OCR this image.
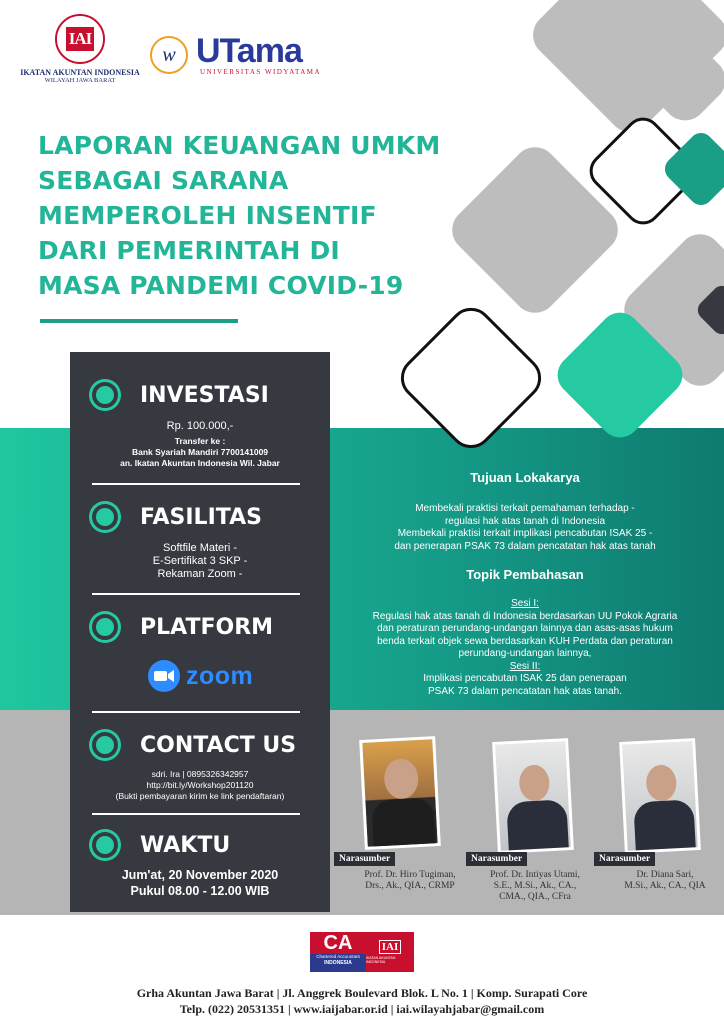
IAI
IKATAN AKUNTAN INDONESIA
WILAYAH JAWA BARAT
w UTama
UNIVERSITAS WIDYATAMA
LAPORAN KEUANGAN UMKM
SEBAGAI SARANA
MEMPEROLEH INSENTIF
DARI PEMERINTAH DI
MASA PANDEMI COVID-19
INVESTASI
Rp. 100.000,-
Transfer ke :
Bank Syariah Mandiri 7700141009
an. Ikatan Akuntan Indonesia Wil. Jabar
FASILITAS
Softfile Materi -
E-Sertifikat 3 SKP -
Rekaman Zoom -
PLATFORM
zoom
CONTACT US
sdri. Ira | 0895326342957
http://bit.ly/Workshop201120
(Bukti pembayaran kirim ke link pendaftaran)
WAKTU
Jum'at, 20 November 2020
Pukul 08.00 - 12.00 WIB
Tujuan Lokakarya
Membekali praktisi terkait pemahaman terhadap -
regulasi hak atas tanah di Indonesia
Membekali praktisi terkait implikasi pencabutan ISAK 25 -
dan penerapan PSAK 73 dalam pencatatan hak atas tanah
Topik Pembahasan
Sesi I:
Regulasi hak atas tanah di Indonesia berdasarkan UU Pokok Agraria
dan peraturan perundang-undangan lainnya dan asas-asas hukum
benda terkait objek sewa berdasarkan KUH Perdata dan peraturan
perundang-undangan lainnya,
Sesi II:
Implikasi pencabutan ISAK 25 dan penerapan
PSAK 73 dalam pencatatan hak atas tanah.
Narasumber
Prof. Dr. Hiro Tugiman,
Drs., Ak., QIA., CRMP
Narasumber
Prof. Dr. Intiyas Utami,
S.E., M.Si., Ak., CA.,
CMA., QIA., CFra
Narasumber
Dr. Diana Sari,
M.Si., Ak., CA., QIA
CA
Chartered Accountant
INDONESIA
IAI
IKATAN AKUNTAN INDONESIA
Grha Akuntan Jawa Barat | Jl. Anggrek Boulevard Blok. L No. 1 | Komp. Surapati Core
Telp. (022) 20531351 | www.iaijabar.or.id | iai.wilayahjabar@gmail.com
